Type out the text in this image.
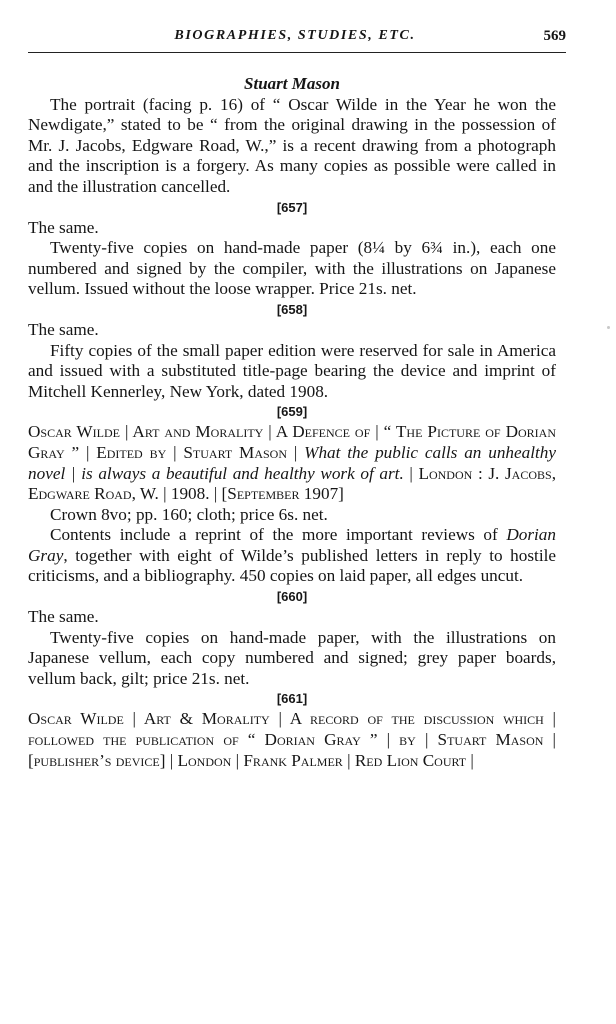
BIOGRAPHIES, STUDIES, ETC.	569

Stuart Mason

The portrait (facing p. 16) of “ Oscar Wilde in the Year he won the Newdigate,” stated to be “ from the original drawing in the possession of Mr. J. Jacobs, Edgware Road, W.,” is a recent drawing from a photograph and the inscription is a forgery. As many copies as possible were called in and the illustration cancelled.

[657]

The same.

Twenty-five copies on hand-made paper (8¼ by 6¾ in.), each one numbered and signed by the compiler, with the illustrations on Japanese vellum. Issued without the loose wrapper. Price 21s. net.

[658]

The same.

Fifty copies of the small paper edition were reserved for sale in America and issued with a substituted title-page bearing the device and imprint of Mitchell Kennerley, New York, dated 1908.

[659]

Oscar Wilde | Art and Morality | A Defence of | “ The Picture of Dorian Gray ” | Edited by | Stuart Mason | What the public calls an unhealthy novel | is always a beautiful and healthy work of art. | London : J. Jacobs, Edgware Road, W. | 1908. | [September 1907]

Crown 8vo; pp. 160; cloth; price 6s. net.

Contents include a reprint of the more important reviews of Dorian Gray, together with eight of Wilde’s published letters in reply to hostile criticisms, and a bibliography. 450 copies on laid paper, all edges uncut.

[660]

The same.

Twenty-five copies on hand-made paper, with the illustrations on Japanese vellum, each copy numbered and signed; grey paper boards, vellum back, gilt; price 21s. net.

[661]

Oscar Wilde | Art & Morality | A record of the discussion which | followed the publication of “ Dorian Gray ” | by | Stuart Mason | [publisher’s device] | London | Frank Palmer | Red Lion Court |
